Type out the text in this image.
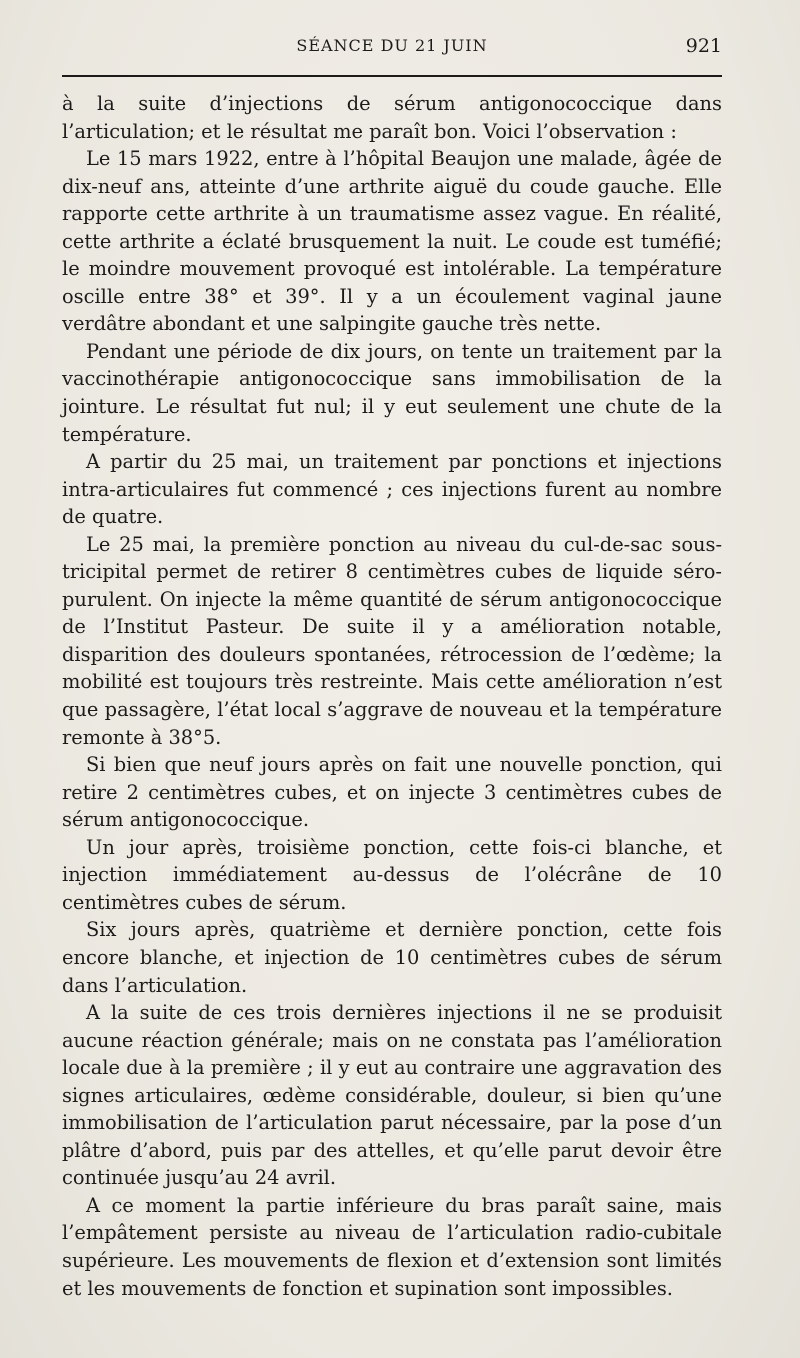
SÉANCE DU 21 JUIN	921

à la suite d’injections de sérum antigonococcique dans l’articulation; et le résultat me paraît bon. Voici l’observation :

Le 15 mars 1922, entre à l’hôpital Beaujon une malade, âgée de dix-neuf ans, atteinte d’une arthrite aiguë du coude gauche. Elle rapporte cette arthrite à un traumatisme assez vague. En réalité, cette arthrite a éclaté brusquement la nuit. Le coude est tuméfié; le moindre mouvement provoqué est intolérable. La température oscille entre 38° et 39°. Il y a un écoulement vaginal jaune verdâtre abondant et une salpingite gauche très nette.

Pendant une période de dix jours, on tente un traitement par la vaccinothérapie antigonococcique sans immobilisation de la jointure. Le résultat fut nul; il y eut seulement une chute de la température.

A partir du 25 mai, un traitement par ponctions et injections intra-articulaires fut commencé ; ces injections furent au nombre de quatre.

Le 25 mai, la première ponction au niveau du cul-de-sac sous-tricipital permet de retirer 8 centimètres cubes de liquide séro-purulent. On injecte la même quantité de sérum antigonococcique de l’Institut Pasteur. De suite il y a amélioration notable, disparition des douleurs spontanées, rétrocession de l’œdème; la mobilité est toujours très restreinte. Mais cette amélioration n’est que passagère, l’état local s’aggrave de nouveau et la température remonte à 38°5.

Si bien que neuf jours après on fait une nouvelle ponction, qui retire 2 centimètres cubes, et on injecte 3 centimètres cubes de sérum antigonococcique.

Un jour après, troisième ponction, cette fois-ci blanche, et injection immédiatement au-dessus de l’olécrâne de 10 centimètres cubes de sérum.

Six jours après, quatrième et dernière ponction, cette fois encore blanche, et injection de 10 centimètres cubes de sérum dans l’articulation.

A la suite de ces trois dernières injections il ne se produisit aucune réaction générale; mais on ne constata pas l’amélioration locale due à la première ; il y eut au contraire une aggravation des signes articulaires, œdème considérable, douleur, si bien qu’une immobilisation de l’articulation parut nécessaire, par la pose d’un plâtre d’abord, puis par des attelles, et qu’elle parut devoir être continuée jusqu’au 24 avril.

A ce moment la partie inférieure du bras paraît saine, mais l’empâtement persiste au niveau de l’articulation radio-cubitale supérieure. Les mouvements de flexion et d’extension sont limités et les mouvements de fonction et supination sont impossibles.
